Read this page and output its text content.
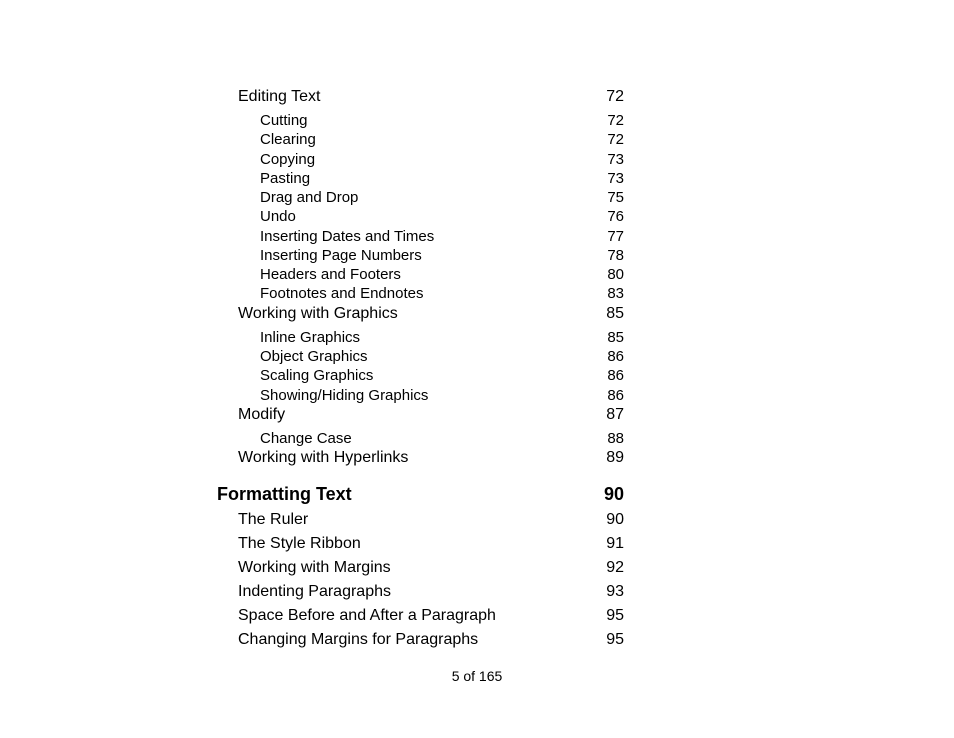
Editing Text	72
Cutting	72
Clearing	72
Copying	73
Pasting	73
Drag and Drop	75
Undo	76
Inserting Dates and Times	77
Inserting Page Numbers	78
Headers and Footers	80
Footnotes and Endnotes	83
Working with Graphics	85
Inline Graphics	85
Object Graphics	86
Scaling Graphics	86
Showing/Hiding Graphics	86
Modify	87
Change Case	88
Working with Hyperlinks	89
Formatting Text	90
The Ruler	90
The Style Ribbon	91
Working with Margins	92
Indenting Paragraphs	93
Space Before and After a Paragraph	95
Changing Margins for Paragraphs	95
5 of 165
